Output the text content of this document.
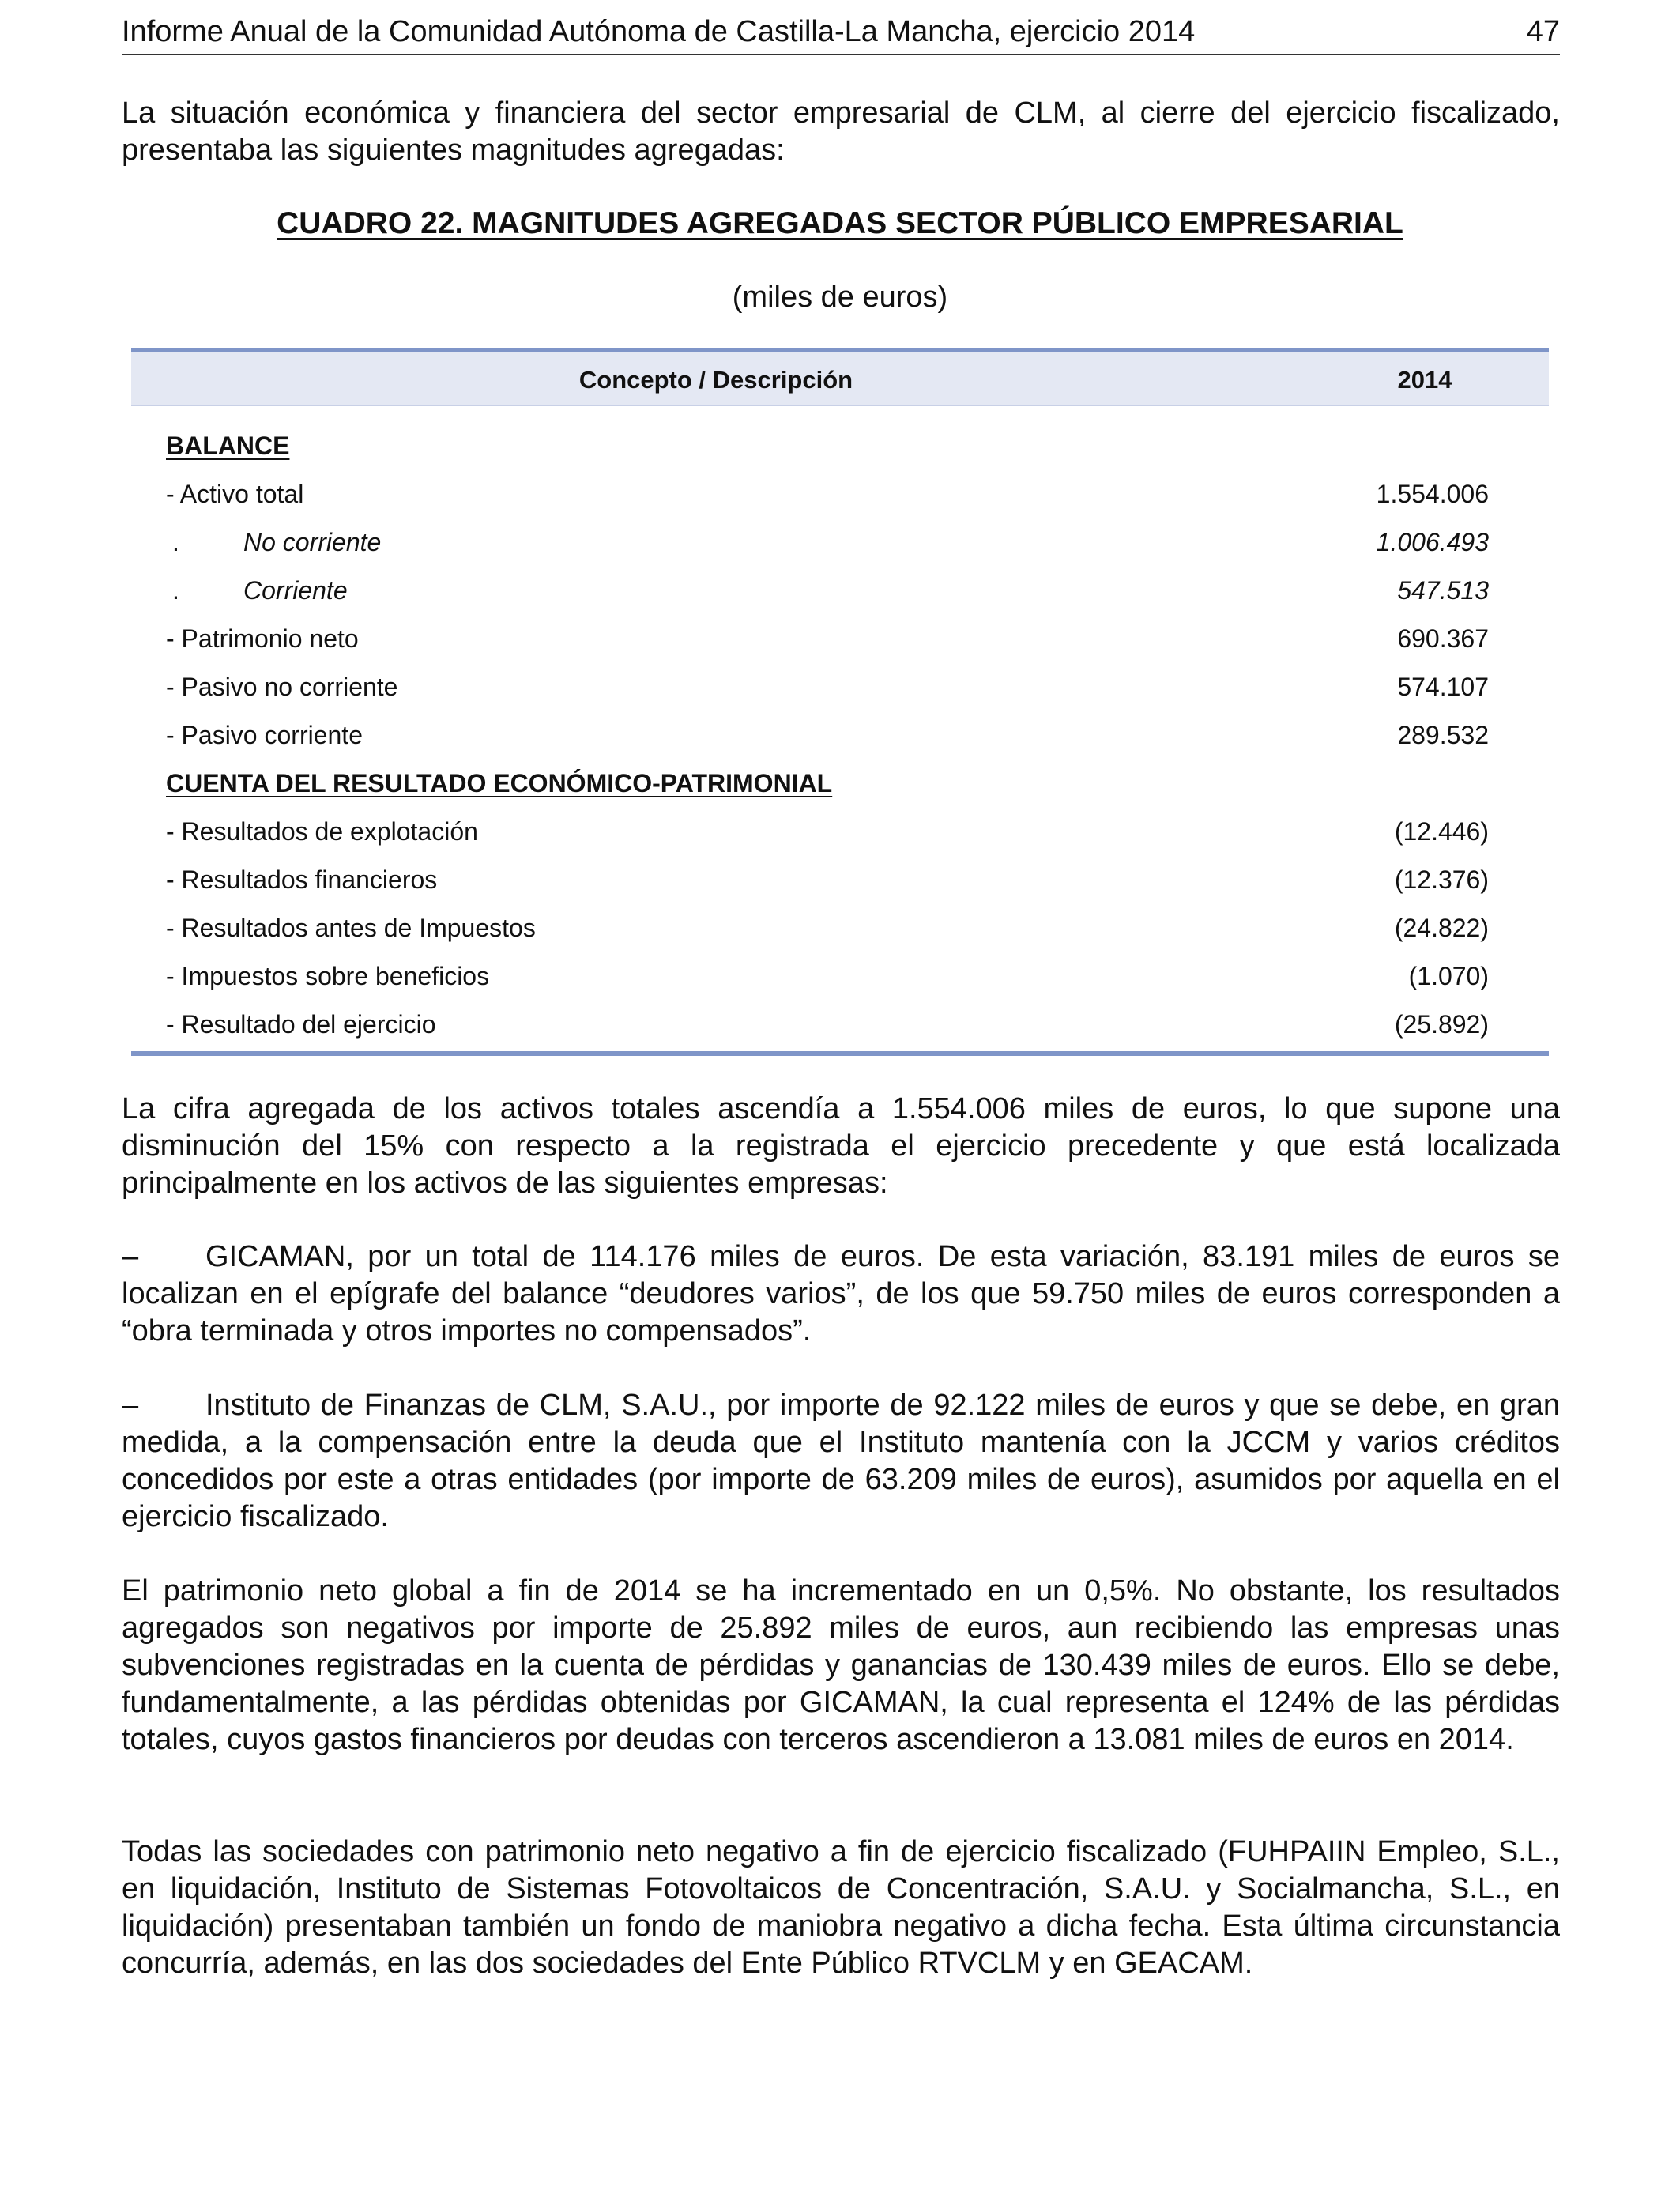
Informe Anual de la Comunidad Autónoma de Castilla-La Mancha, ejercicio 2014	47

La situación económica y financiera del sector empresarial de CLM, al cierre del ejercicio fiscalizado, presentaba las siguientes magnitudes agregadas:

CUADRO 22. MAGNITUDES AGREGADAS SECTOR PÚBLICO EMPRESARIAL
(miles de euros)
Concepto / Descripción	2014
BALANCE
- Activo total	1.554.006
.	No corriente	1.006.493
.	Corriente	547.513
- Patrimonio neto	690.367
- Pasivo no corriente	574.107
- Pasivo corriente	289.532
CUENTA DEL RESULTADO ECONÓMICO-PATRIMONIAL
- Resultados de explotación	(12.446)
- Resultados financieros	(12.376)
- Resultados antes de Impuestos	(24.822)
- Impuestos sobre beneficios	(1.070)
- Resultado del ejercicio	(25.892)

La cifra agregada de los activos totales ascendía a 1.554.006 miles de euros, lo que supone una disminución del 15% con respecto a la registrada el ejercicio precedente y que está localizada principalmente en los activos de las siguientes empresas:

– GICAMAN, por un total de 114.176 miles de euros. De esta variación, 83.191 miles de euros se localizan en el epígrafe del balance “deudores varios”, de los que 59.750 miles de euros corresponden a “obra terminada y otros importes no compensados”.

– Instituto de Finanzas de CLM, S.A.U., por importe de 92.122 miles de euros y que se debe, en gran medida, a la compensación entre la deuda que el Instituto mantenía con la JCCM y varios créditos concedidos por este a otras entidades (por importe de 63.209 miles de euros), asumidos por aquella en el ejercicio fiscalizado.

El patrimonio neto global a fin de 2014 se ha incrementado en un 0,5%. No obstante, los resultados agregados son negativos por importe de 25.892 miles de euros, aun recibiendo las empresas unas subvenciones registradas en la cuenta de pérdidas y ganancias de 130.439 miles de euros. Ello se debe, fundamentalmente, a las pérdidas obtenidas por GICAMAN, la cual representa el 124% de las pérdidas totales, cuyos gastos financieros por deudas con terceros ascendieron a 13.081 miles de euros en 2014.

Todas las sociedades con patrimonio neto negativo a fin de ejercicio fiscalizado (FUHPAIIN Empleo, S.L., en liquidación, Instituto de Sistemas Fotovoltaicos de Concentración, S.A.U. y Socialmancha, S.L., en liquidación) presentaban también un fondo de maniobra negativo a dicha fecha. Esta última circunstancia concurría, además, en las dos sociedades del Ente Público RTVCLM y en GEACAM.
